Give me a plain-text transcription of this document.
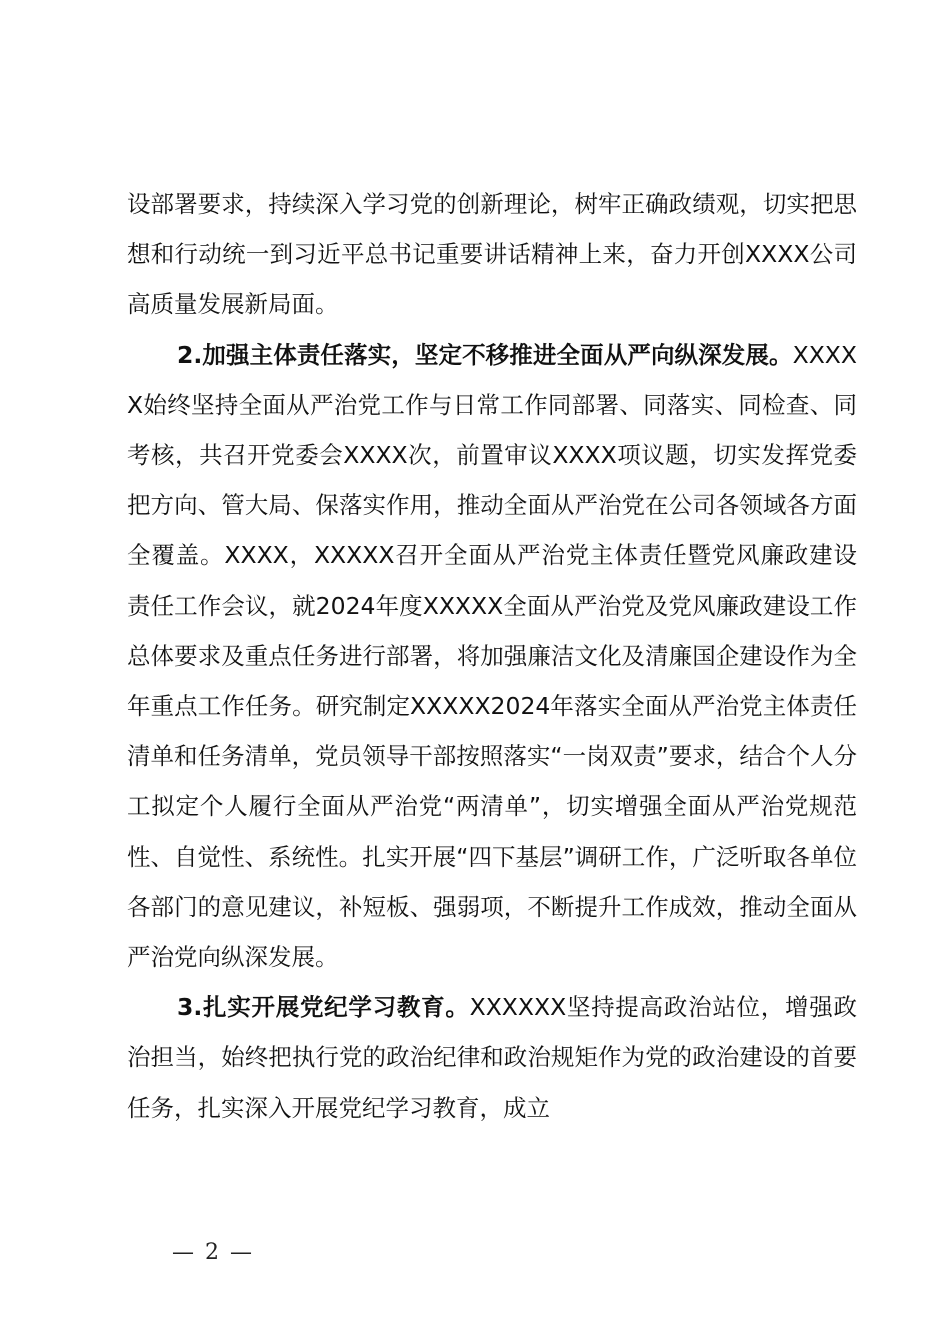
设部署要求，持续深入学习党的创新理论，树牢正确政绩观，切实把思想和行动统一到习近平总书记重要讲话精神上来，奋力开创XXXX公司高质量发展新局面。

2.加强主体责任落实，坚定不移推进全面从严向纵深发展。XXXXX始终坚持全面从严治党工作与日常工作同部署、同落实、同检查、同考核，共召开党委会XXXX次，前置审议XXXX项议题，切实发挥党委把方向、管大局、保落实作用，推动全面从严治党在公司各领域各方面全覆盖。XXXX，XXXXX召开全面从严治党主体责任暨党风廉政建设责任工作会议，就2024年度XXXXX全面从严治党及党风廉政建设工作总体要求及重点任务进行部署，将加强廉洁文化及清廉国企建设作为全年重点工作任务。研究制定XXXXX2024年落实全面从严治党主体责任清单和任务清单，党员领导干部按照落实“一岗双责”要求，结合个人分工拟定个人履行全面从严治党“两清单”，切实增强全面从严治党规范性、自觉性、系统性。扎实开展“四下基层”调研工作，广泛听取各单位各部门的意见建议，补短板、强弱项，不断提升工作成效，推动全面从严治党向纵深发展。

3.扎实开展党纪学习教育。XXXXXX坚持提高政治站位，增强政治担当，始终把执行党的政治纪律和政治规矩作为党的政治建设的首要任务，扎实深入开展党纪学习教育，成立

— 2 —
